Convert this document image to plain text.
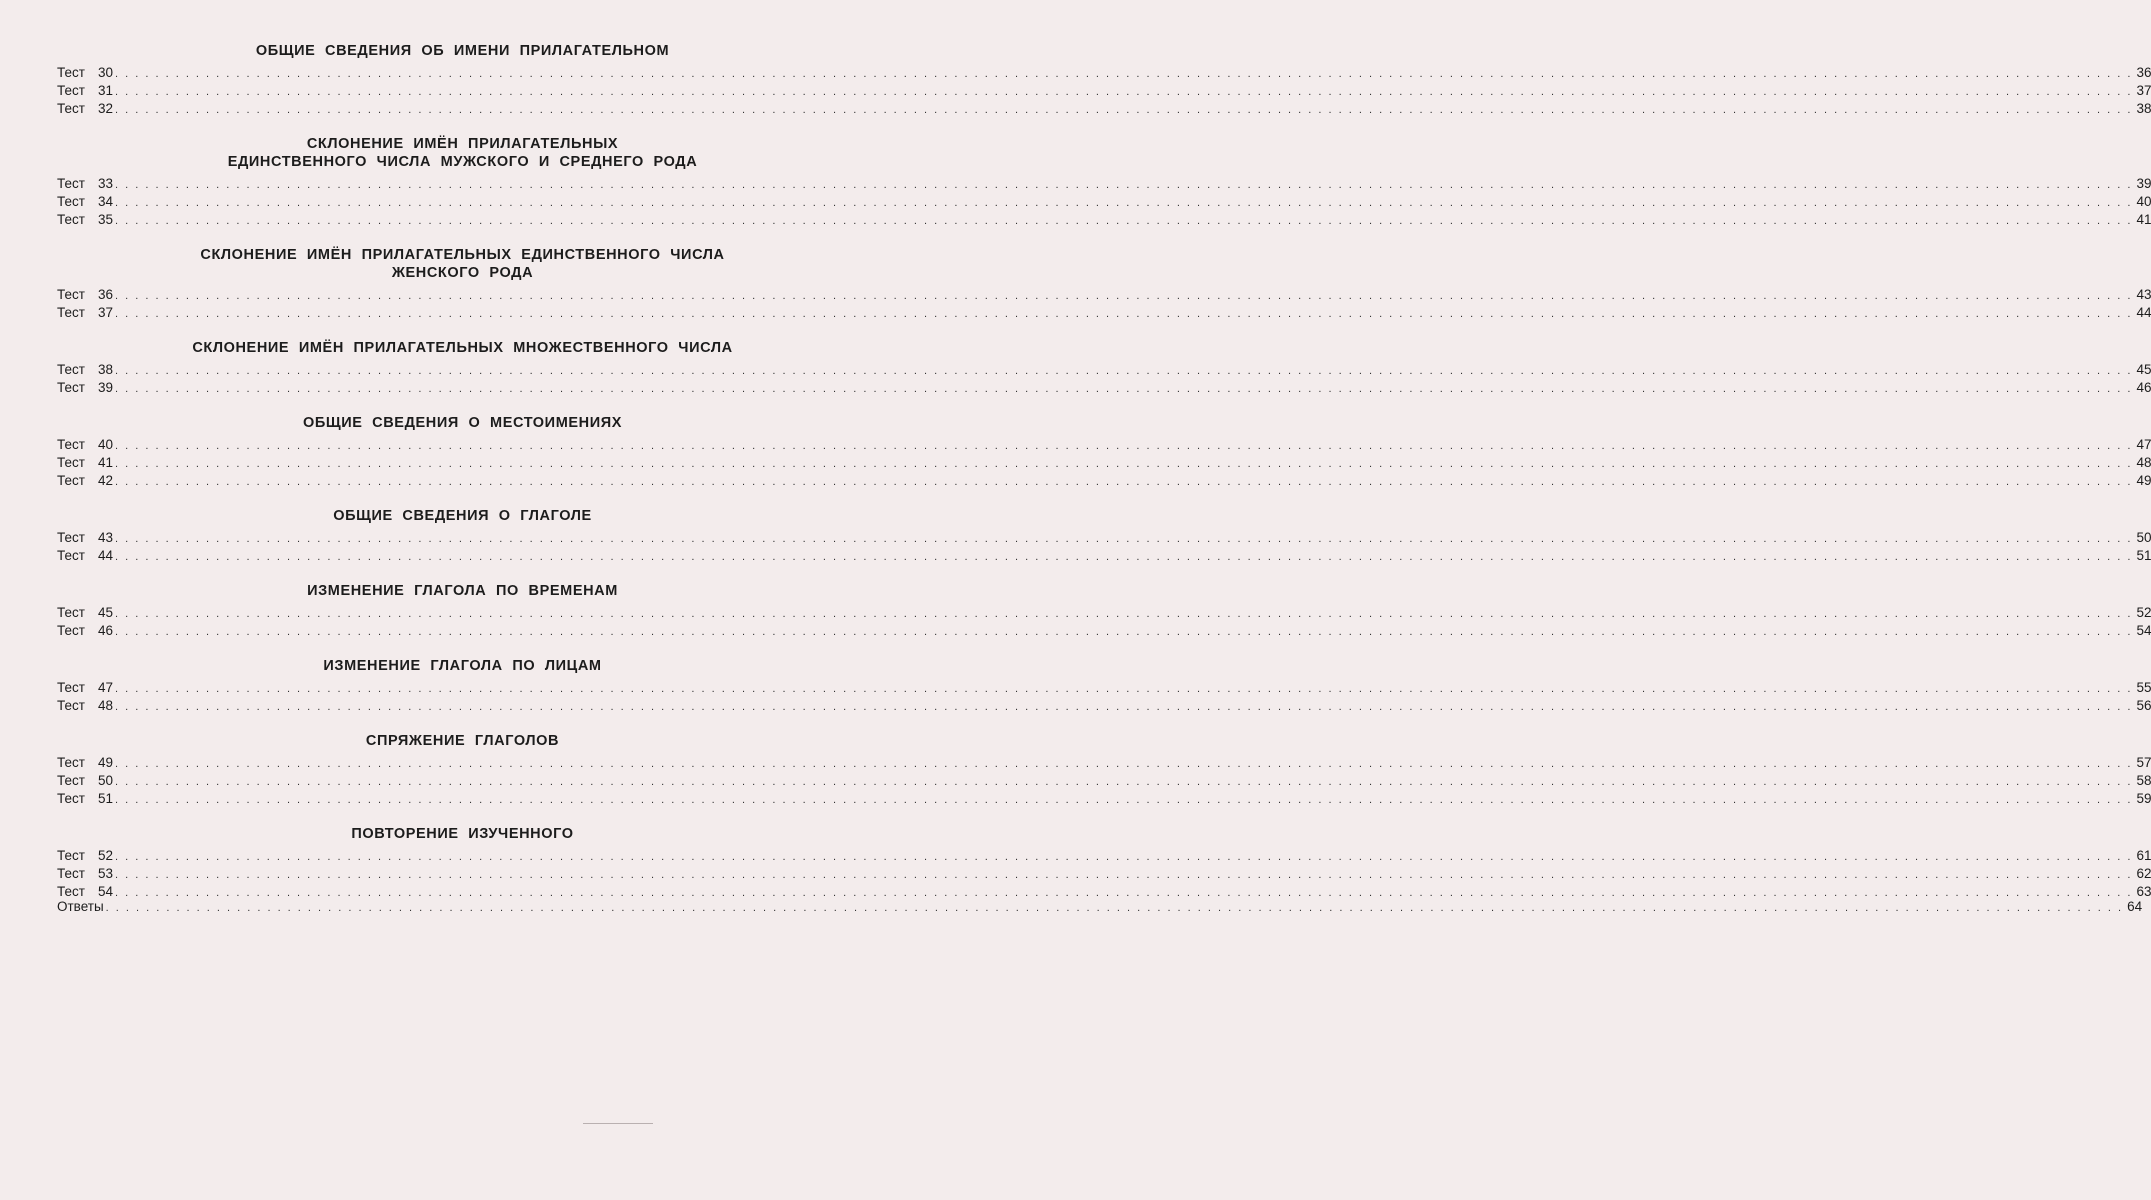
ОБЩИЕ СВЕДЕНИЯ ОБ ИМЕНИ ПРИЛАГАТЕЛЬНОМ
Тест 30 . . . . . . . . . . . . . . . . . . . . . . . . . . . . . . . . . . . . . . . . . . . . . . . . . . . . . . . . . . . . . . . . . . . . . . . . . . . . . . . . . . . . . . . . . . . . . . . . . . . . . . . . . . . . . . . . . . . . . . . . . . . . . . . . . . . . . . . . . . . . . . . . . . . . . . . . . . . . . . . . . . . . . . . . . . . . . . . . . . . . . . . . . . . . . . . . . . . . . . . . 36
Тест 31 . . . . . . . . . . . . . . . . . . . . . . . . . . . . . . . . . . . . . . . . . . . . . . . . . . . . . . . . . . . . . . . . . . . . . . . . . . . . . . . . . . . . . . . . . . . . . . . . . . . . . . . . . . . . . . . . . . . . . . . . . . . . . . . . . . . . . . . . . . . . . . . . . . . . . . . . . . . . . . . . . . . . . . . . . . . . . . . . . . . . . . . . . . . . . . . . . . . . . . . . 37
Тест 32 . . . . . . . . . . . . . . . . . . . . . . . . . . . . . . . . . . . . . . . . . . . . . . . . . . . . . . . . . . . . . . . . . . . . . . . . . . . . . . . . . . . . . . . . . . . . . . . . . . . . . . . . . . . . . . . . . . . . . . . . . . . . . . . . . . . . . . . . . . . . . . . . . . . . . . . . . . . . . . . . . . . . . . . . . . . . . . . . . . . . . . . . . . . . . . . . . . . . . . . . 38
СКЛОНЕНИЕ ИМЁН ПРИЛАГАТЕЛЬНЫХ
ЕДИНСТВЕННОГО ЧИСЛА МУЖСКОГО И СРЕДНЕГО РОДА
Тест 33 . . . . . . . . . . . . . . . . . . . . . . . . . . . . . . . . . . . . . . . . . . . . . . . . . . . . . . . . . . . . . . . . . . . . . . . . . . . . . . . . . . . . . . . . . . . . . . . . . . . . . . . . . . . . . . . . . . . . . . . . . . . . . . . . . . . . . . . . . . . . . . . . . . . . . . . . . . . . . . . . . . . . . . . . . . . . . . . . . . . . . . . . . . . . . . . . . . . . . . . . 39
Тест 34 . . . . . . . . . . . . . . . . . . . . . . . . . . . . . . . . . . . . . . . . . . . . . . . . . . . . . . . . . . . . . . . . . . . . . . . . . . . . . . . . . . . . . . . . . . . . . . . . . . . . . . . . . . . . . . . . . . . . . . . . . . . . . . . . . . . . . . . . . . . . . . . . . . . . . . . . . . . . . . . . . . . . . . . . . . . . . . . . . . . . . . . . . . . . . . . . . . . . . . . . 40
Тест 35 . . . . . . . . . . . . . . . . . . . . . . . . . . . . . . . . . . . . . . . . . . . . . . . . . . . . . . . . . . . . . . . . . . . . . . . . . . . . . . . . . . . . . . . . . . . . . . . . . . . . . . . . . . . . . . . . . . . . . . . . . . . . . . . . . . . . . . . . . . . . . . . . . . . . . . . . . . . . . . . . . . . . . . . . . . . . . . . . . . . . . . . . . . . . . . . . . . . . . . . . 41
СКЛОНЕНИЕ ИМЁН ПРИЛАГАТЕЛЬНЫХ ЕДИНСТВЕННОГО ЧИСЛА
ЖЕНСКОГО РОДА
Тест 36 . . . . . . . . . . . . . . . . . . . . . . . . . . . . . . . . . . . . . . . . . . . . . . . . . . . . . . . . . . . . . . . . . . . . . . . . . . . . . . . . . . . . . . . . . . . . . . . . . . . . . . . . . . . . . . . . . . . . . . . . . . . . . . . . . . . . . . . . . . . . . . . . . . . . . . . . . . . . . . . . . . . . . . . . . . . . . . . . . . . . . . . . . . . . . . . . . . . . . . . . 43
Тест 37 . . . . . . . . . . . . . . . . . . . . . . . . . . . . . . . . . . . . . . . . . . . . . . . . . . . . . . . . . . . . . . . . . . . . . . . . . . . . . . . . . . . . . . . . . . . . . . . . . . . . . . . . . . . . . . . . . . . . . . . . . . . . . . . . . . . . . . . . . . . . . . . . . . . . . . . . . . . . . . . . . . . . . . . . . . . . . . . . . . . . . . . . . . . . . . . . . . . . . . . . 44
СКЛОНЕНИЕ ИМЁН ПРИЛАГАТЕЛЬНЫХ МНОЖЕСТВЕННОГО ЧИСЛА
Тест 38 . . . . . . . . . . . . . . . . . . . . . . . . . . . . . . . . . . . . . . . . . . . . . . . . . . . . . . . . . . . . . . . . . . . . . . . . . . . . . . . . . . . . . . . . . . . . . . . . . . . . . . . . . . . . . . . . . . . . . . . . . . . . . . . . . . . . . . . . . . . . . . . . . . . . . . . . . . . . . . . . . . . . . . . . . . . . . . . . . . . . . . . . . . . . . . . . . . . . . . . . 45
Тест 39 . . . . . . . . . . . . . . . . . . . . . . . . . . . . . . . . . . . . . . . . . . . . . . . . . . . . . . . . . . . . . . . . . . . . . . . . . . . . . . . . . . . . . . . . . . . . . . . . . . . . . . . . . . . . . . . . . . . . . . . . . . . . . . . . . . . . . . . . . . . . . . . . . . . . . . . . . . . . . . . . . . . . . . . . . . . . . . . . . . . . . . . . . . . . . . . . . . . . . . . . 46
ОБЩИЕ СВЕДЕНИЯ О МЕСТОИМЕНИЯХ
Тест 40 . . . . . . . . . . . . . . . . . . . . . . . . . . . . . . . . . . . . . . . . . . . . . . . . . . . . . . . . . . . . . . . . . . . . . . . . . . . . . . . . . . . . . . . . . . . . . . . . . . . . . . . . . . . . . . . . . . . . . . . . . . . . . . . . . . . . . . . . . . . . . . . . . . . . . . . . . . . . . . . . . . . . . . . . . . . . . . . . . . . . . . . . . . . . . . . . . . . . . . . . 47
Тест 41 . . . . . . . . . . . . . . . . . . . . . . . . . . . . . . . . . . . . . . . . . . . . . . . . . . . . . . . . . . . . . . . . . . . . . . . . . . . . . . . . . . . . . . . . . . . . . . . . . . . . . . . . . . . . . . . . . . . . . . . . . . . . . . . . . . . . . . . . . . . . . . . . . . . . . . . . . . . . . . . . . . . . . . . . . . . . . . . . . . . . . . . . . . . . . . . . . . . . . . . . 48
Тест 42 . . . . . . . . . . . . . . . . . . . . . . . . . . . . . . . . . . . . . . . . . . . . . . . . . . . . . . . . . . . . . . . . . . . . . . . . . . . . . . . . . . . . . . . . . . . . . . . . . . . . . . . . . . . . . . . . . . . . . . . . . . . . . . . . . . . . . . . . . . . . . . . . . . . . . . . . . . . . . . . . . . . . . . . . . . . . . . . . . . . . . . . . . . . . . . . . . . . . . . . . 49
ОБЩИЕ СВЕДЕНИЯ О ГЛАГОЛЕ
Тест 43 . . . . . . . . . . . . . . . . . . . . . . . . . . . . . . . . . . . . . . . . . . . . . . . . . . . . . . . . . . . . . . . . . . . . . . . . . . . . . . . . . . . . . . . . . . . . . . . . . . . . . . . . . . . . . . . . . . . . . . . . . . . . . . . . . . . . . . . . . . . . . . . . . . . . . . . . . . . . . . . . . . . . . . . . . . . . . . . . . . . . . . . . . . . . . . . . . . . . . . . . 50
Тест 44 . . . . . . . . . . . . . . . . . . . . . . . . . . . . . . . . . . . . . . . . . . . . . . . . . . . . . . . . . . . . . . . . . . . . . . . . . . . . . . . . . . . . . . . . . . . . . . . . . . . . . . . . . . . . . . . . . . . . . . . . . . . . . . . . . . . . . . . . . . . . . . . . . . . . . . . . . . . . . . . . . . . . . . . . . . . . . . . . . . . . . . . . . . . . . . . . . . . . . . . . 51
ИЗМЕНЕНИЕ ГЛАГОЛА ПО ВРЕМЕНАМ
Тест 45 . . . . . . . . . . . . . . . . . . . . . . . . . . . . . . . . . . . . . . . . . . . . . . . . . . . . . . . . . . . . . . . . . . . . . . . . . . . . . . . . . . . . . . . . . . . . . . . . . . . . . . . . . . . . . . . . . . . . . . . . . . . . . . . . . . . . . . . . . . . . . . . . . . . . . . . . . . . . . . . . . . . . . . . . . . . . . . . . . . . . . . . . . . . . . . . . . . . . . . . . 52
Тест 46 . . . . . . . . . . . . . . . . . . . . . . . . . . . . . . . . . . . . . . . . . . . . . . . . . . . . . . . . . . . . . . . . . . . . . . . . . . . . . . . . . . . . . . . . . . . . . . . . . . . . . . . . . . . . . . . . . . . . . . . . . . . . . . . . . . . . . . . . . . . . . . . . . . . . . . . . . . . . . . . . . . . . . . . . . . . . . . . . . . . . . . . . . . . . . . . . . . . . . . . . 54
ИЗМЕНЕНИЕ ГЛАГОЛА ПО ЛИЦАМ
Тест 47 . . . . . . . . . . . . . . . . . . . . . . . . . . . . . . . . . . . . . . . . . . . . . . . . . . . . . . . . . . . . . . . . . . . . . . . . . . . . . . . . . . . . . . . . . . . . . . . . . . . . . . . . . . . . . . . . . . . . . . . . . . . . . . . . . . . . . . . . . . . . . . . . . . . . . . . . . . . . . . . . . . . . . . . . . . . . . . . . . . . . . . . . . . . . . . . . . . . . . . . . 55
Тест 48 . . . . . . . . . . . . . . . . . . . . . . . . . . . . . . . . . . . . . . . . . . . . . . . . . . . . . . . . . . . . . . . . . . . . . . . . . . . . . . . . . . . . . . . . . . . . . . . . . . . . . . . . . . . . . . . . . . . . . . . . . . . . . . . . . . . . . . . . . . . . . . . . . . . . . . . . . . . . . . . . . . . . . . . . . . . . . . . . . . . . . . . . . . . . . . . . . . . . . . . . 56
СПРЯЖЕНИЕ ГЛАГОЛОВ
Тест 49 . . . . . . . . . . . . . . . . . . . . . . . . . . . . . . . . . . . . . . . . . . . . . . . . . . . . . . . . . . . . . . . . . . . . . . . . . . . . . . . . . . . . . . . . . . . . . . . . . . . . . . . . . . . . . . . . . . . . . . . . . . . . . . . . . . . . . . . . . . . . . . . . . . . . . . . . . . . . . . . . . . . . . . . . . . . . . . . . . . . . . . . . . . . . . . . . . . . . . . . . 57
Тест 50 . . . . . . . . . . . . . . . . . . . . . . . . . . . . . . . . . . . . . . . . . . . . . . . . . . . . . . . . . . . . . . . . . . . . . . . . . . . . . . . . . . . . . . . . . . . . . . . . . . . . . . . . . . . . . . . . . . . . . . . . . . . . . . . . . . . . . . . . . . . . . . . . . . . . . . . . . . . . . . . . . . . . . . . . . . . . . . . . . . . . . . . . . . . . . . . . . . . . . . . . 58
Тест 51 . . . . . . . . . . . . . . . . . . . . . . . . . . . . . . . . . . . . . . . . . . . . . . . . . . . . . . . . . . . . . . . . . . . . . . . . . . . . . . . . . . . . . . . . . . . . . . . . . . . . . . . . . . . . . . . . . . . . . . . . . . . . . . . . . . . . . . . . . . . . . . . . . . . . . . . . . . . . . . . . . . . . . . . . . . . . . . . . . . . . . . . . . . . . . . . . . . . . . . . . 59
ПОВТОРЕНИЕ ИЗУЧЕННОГО
Тест 52 . . . . . . . . . . . . . . . . . . . . . . . . . . . . . . . . . . . . . . . . . . . . . . . . . . . . . . . . . . . . . . . . . . . . . . . . . . . . . . . . . . . . . . . . . . . . . . . . . . . . . . . . . . . . . . . . . . . . . . . . . . . . . . . . . . . . . . . . . . . . . . . . . . . . . . . . . . . . . . . . . . . . . . . . . . . . . . . . . . . . . . . . . . . . . . . . . . . . . . . . 61
Тест 53 . . . . . . . . . . . . . . . . . . . . . . . . . . . . . . . . . . . . . . . . . . . . . . . . . . . . . . . . . . . . . . . . . . . . . . . . . . . . . . . . . . . . . . . . . . . . . . . . . . . . . . . . . . . . . . . . . . . . . . . . . . . . . . . . . . . . . . . . . . . . . . . . . . . . . . . . . . . . . . . . . . . . . . . . . . . . . . . . . . . . . . . . . . . . . . . . . . . . . . . . 62
Тест 54 . . . . . . . . . . . . . . . . . . . . . . . . . . . . . . . . . . . . . . . . . . . . . . . . . . . . . . . . . . . . . . . . . . . . . . . . . . . . . . . . . . . . . . . . . . . . . . . . . . . . . . . . . . . . . . . . . . . . . . . . . . . . . . . . . . . . . . . . . . . . . . . . . . . . . . . . . . . . . . . . . . . . . . . . . . . . . . . . . . . . . . . . . . . . . . . . . . . . . . . . 63
Ответы . . . . . . . . . . . . . . . . . . . . . . . . . . . . . . . . . . . . . . . . . . . . . . . . . . . . . . . . . . . . . . . . . . . . . . . . . . . . . . . . . . . . . . . . . . . . . . . . . . . . . . . . . . . . . . . . . . . . . . . . . . . . . . . . . . . . . . . . . . . . . . . . . . . . . . . . . . . . . . . . . . . . . . . . . . . . . . . . . . . . . . . . . . . . . . . . . . . . . . . . 64
